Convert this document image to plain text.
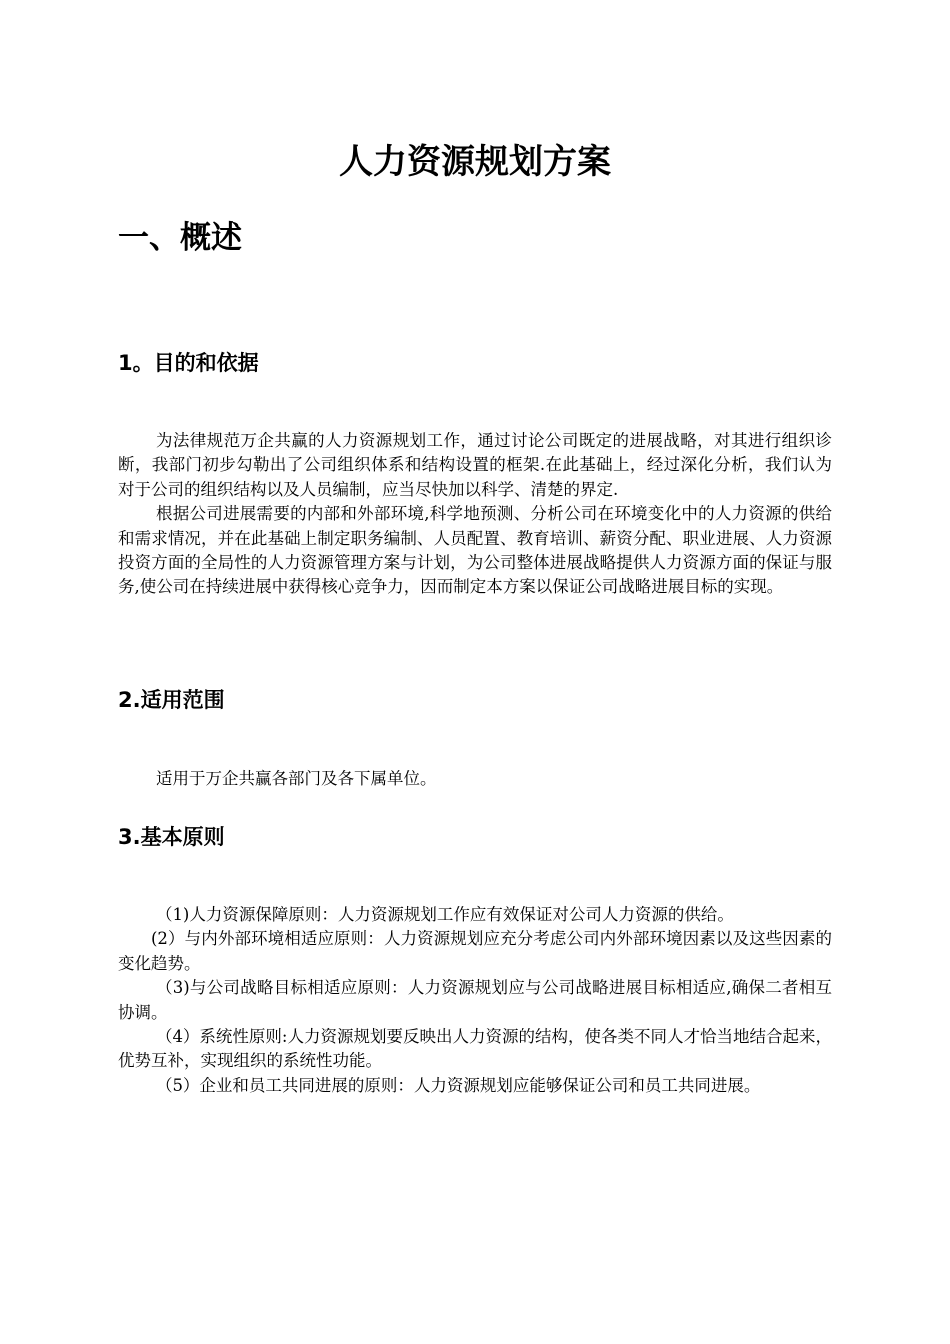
人力资源规划方案
一、概述
1。目的和依据

为法律规范万企共赢的人力资源规划工作，通过讨论公司既定的进展战略，对其进行组织诊断，我部门初步勾勒出了公司组织体系和结构设置的框架.在此基础上，经过深化分析，我们认为对于公司的组织结构以及人员编制，应当尽快加以科学、清楚的界定.

根据公司进展需要的内部和外部环境,科学地预测、分析公司在环境变化中的人力资源的供给和需求情况，并在此基础上制定职务编制、人员配置、教育培训、薪资分配、职业进展、人力资源投资方面的全局性的人力资源管理方案与计划，为公司整体进展战略提供人力资源方面的保证与服务,使公司在持续进展中获得核心竞争力，因而制定本方案以保证公司战略进展目标的实现。

2.适用范围

适用于万企共赢各部门及各下属单位。

3.基本原则

（1)人力资源保障原则：人力资源规划工作应有效保证对公司人力资源的供给。

(2）与内外部环境相适应原则：人力资源规划应充分考虑公司内外部环境因素以及这些因素的变化趋势。

（3)与公司战略目标相适应原则：人力资源规划应与公司战略进展目标相适应,确保二者相互协调。

（4）系统性原则:人力资源规划要反映出人力资源的结构，使各类不同人才恰当地结合起来，优势互补，实现组织的系统性功能。

（5）企业和员工共同进展的原则：人力资源规划应能够保证公司和员工共同进展。
